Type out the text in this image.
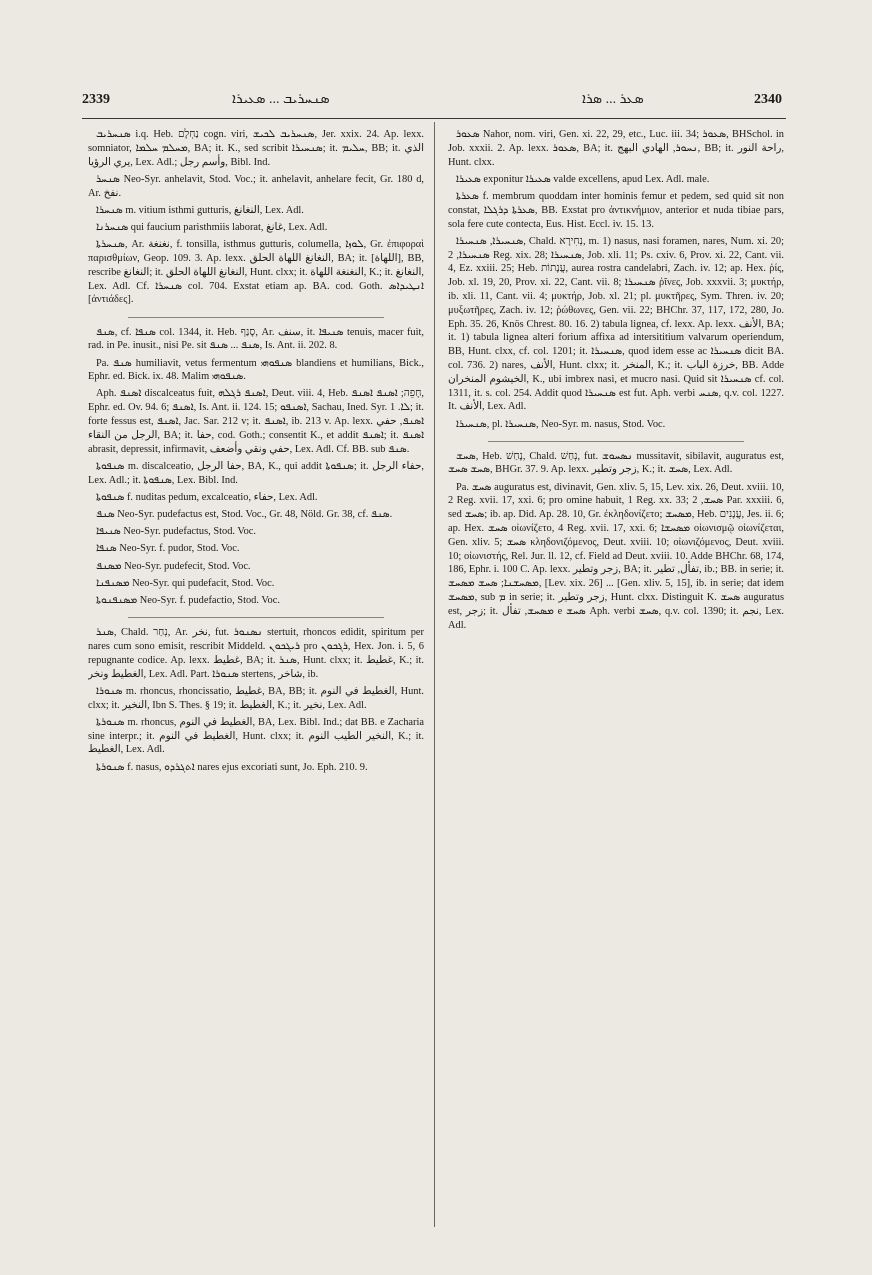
2339	ܣܢܚܪܝܒ ... ܣܥܝܪܐ	ܣܥܪ ... ܣܪܐ	2340

ܣܢܚܪܝܒ i.q. Heb. ‏נַחְלָם‏ cogn. viri, ܣܢܚܪܝܒ ܠܟܝܫ, Jer. xxix. 24. Ap. lexx. somniator, ܡܚܠܡ ܚܠܡܐ, BA; it. K., sed scribit ܣܢܚܝܪܐ; it. ܚܠܝܡ, BB; it. الذي يري الرؤيا, Lex. Adl.; وأسم رجل, Bibl. Ind.

ܣܢܚܪ Neo-Syr. anhelavit, Stod. Voc.; it. anhelavit, anhelare fecit, Gr. 180 d, Ar. نفخ.

ܣܢܚܪܐ m. vitium isthmi gutturis, النغانغ, Lex. Adl.

ܣܢܚܪܢܐ qui faucium paristhmiis laborat, غانغ, Lex. Adl.

ܣܢܚܪܬܐ, Ar. نغنغة, f. tonsilla, isthmus gutturis, columella, ܠܘܙܐ, Gr. ἐπιφοραὶ παρισθμίων, Geop. 109. 3. Ap. lexx. النغانغ اللهاة الحلق, BA; it. [اللهاة], BB, rescribe النغانغ; it. النغانغ اللهاة الحلق, Hunt. clxx; it. النغنغة اللهاة, K.; it. النغانغ, Lex. Adl. Cf. ܣܢܚܪܐ col. 704. Exstat etiam ap. BA. cod. Goth. ܐܢܛܝܕܐܣ [ἀντιάδες].

ܣܢܦ, cf. ܣܢܦܐ col. 1344, it. Heb. ‏סָנַף‏, Ar. سنف, it. ܣܢܝܦܐ tenuis, macer fuit, rad. in Pe. inusit., nisi Pe. sit ܣܢܦ ... ܣܢܦ, Is. Ant. ii. 202. 8.

Pa. ܣܢܦ humiliavit, vetus fermentum ܣܢܦܘܗܝ blandiens et humilians, Bick., Ephr. ed. Bick. ix. 48. Malim ܣܢܦܘܗܝ.

Aph. ܐܣܢܦ discalceatus fuit, ܐܣܢܦ ܪܓܠܗ, Deut. viii. 4, Heb. ‏חָפֵה‏; ܐܣܢܦ ܐܣܢܦ, Ephr. ed. Ov. 94. 6; ܐܣܢܦ, Is. Ant. ii. 124. 15; ܐܣܢܦܘ, Sachau, Ined. Syr. ܠܐ. 1; it. forte fessus est, ܐܣܢܦ, Jac. Sar. 212 v; it. ܐܣܢܦ, ib. 213 v. Ap. lexx. ܐܣܢܦ, حفي الرجل من النقاء, BA; it. حفا, cod. Goth.; consentit K., et addit ܐܣܢܦ; it. ܐܣܢܦ abrasit, depressit, infirmavit, حفي ونقي وأضعف, Lex. Adl. Cf. BB. sub ܣܢܦ.

ܣܢܦܘܬܐ m. discalceatio, حفا الرجل, BA, K., qui addit ܣܢܦܘܬܐ; it. حفاء الرجل, Lex. Adl.; it. ܣܢܦܘܬܐ, Lex. Bibl. Ind.

ܣܢܦܘܬܐ f. nuditas pedum, excalceatio, حفاء, Lex. Adl.

ܣܢܦ Neo-Syr. pudefactus est, Stod. Voc., Gr. 48, Nöld. Gr. 38, cf. ܣܢܦ.

ܣܢܝܦܐ Neo-Syr. pudefactus, Stod. Voc.

ܣܢܦܐ Neo-Syr. f. pudor, Stod. Voc.

ܡܣܢܦ Neo-Syr. pudefecit, Stod. Voc.

ܡܣܢܦܢܐ Neo-Syr. qui pudefacit, Stod. Voc.

ܡܣܢܦܢܘܬܐ Neo-Syr. f. pudefactio, Stod. Voc.

ܣܢܪ, Chald. ‏נְחַר‏, Ar. نخر, fut. ܢܣܢܘܪ stertuit, rhoncos edidit, spiritum per nares cum sono emisit, rescribit Middeld. ܪܝܓܟܘܢ pro ܪܓܟܘܢ, Hex. Jon. i. 5, 6 repugnante codice. Ap. lexx. غطيط, BA; it. ܣܢܪ, Hunt. clxx; it. غطيط, K.; it. الغطيط ونخر, Lex. Adl. Part. ܣܢܘܪܐ stertens, شاخر, ib.

ܣܢܘܪܐ m. rhoncus, rhoncissatio, غطيط, BA, BB; it. الغطيط في النوم, Hunt. clxx; it. النخير, Ibn S. Thes. § 19; it. الغطيط, K.; it. نخير, Lex. Adl.

ܣܢܘܪܬܐ m. rhoncus, الغطيط في النوم, BA, Lex. Bibl. Ind.; dat BB. e Zacharia sine interpr.; it. الغطيط في النوم, Hunt. clxx; it. النخير الطيب النوم, K.; it. الغطيط, Lex. Adl.

ܣܢܘܪܬܐ f. nasus, ܐܬܓܪܕܘ nares ejus excoriati sunt, Jo. Eph. 210. 9.

ܣܥܘܪ Nahor, nom. viri, Gen. xi. 22, 29, etc., Luc. iii. 34; ܣܥܘܪ, BHSchol. in Job. xxxii. 2. Ap. lexx. ܣܥܘܪ, BA; it. ܢܚܘܪ, الهادي البهج, BB; it. راحة النور, Hunt. clxx.

ܣܥܝܪܐ exponitur ܣܥܝܪܐ valde excellens, apud Lex. Adl. male.

ܣܥܪܬܐ f. membrum quoddam inter hominis femur et pedem, sed quid sit non constat, ܣܥܪܬܐ ܕܪܓܠܐ, BB. Exstat pro ἀντικνήμιον, anterior et nuda tibiae pars, sola fere cute contecta, Eus. Hist. Eccl. iv. 15. 13.

ܣܢܚܝܪܐ, ܣܢܚܝܪܐ, Chald. ‏נְחִירָא‏, m. 1) nasus, nasi foramen, nares, Num. xi. 20; ܣܢܚܝܪܐ, 2 Reg. xix. 28; ܣܢܚܝܪܐ, Job. xli. 11; Ps. cxiv. 6, Prov. xi. 22, Cant. vii. 4, Ez. xxiii. 25; Heb. ‏עֲנָתוֹת‏, aurea rostra candelabri, Zach. iv. 12; ap. Hex. ῥίς, Job. xl. 19, 20, Prov. xi. 22, Cant. vii. 8; ܣܢܚܝܪܐ ῥῖνες, Job. xxxvii. 3; μυκτήρ, ib. xli. 11, Cant. vii. 4; μυκτήρ, Job. xl. 21; pl. μυκτῆρες, Sym. Thren. iv. 20; μυξωτῆρες, Zach. iv. 12; ῥώθωνες, Gen. vii. 22; BHChr. 37, 117, 172, 280, Jo. Eph. 35. 26, Knös Chrest. 80. 16. 2) tabula lignea, cf. lexx. Ap. lexx. الأنف, BA; it. 1) tabula lignea alteri forium affixa ad intersititium valvarum operiendum, BB, Hunt. clxx, cf. col. 1201; it. ܣܢܚܝܪܐ, quod idem esse ac ܣܢܚܝܪܐ dicit BA. col. 736. 2) nares, الأنف, Hunt. clxx; it. المنخر, K.; it. خرزة الباب, BB. Adde الخيشوم المنخران, K., ubi imbrex nasi, et mucro nasi. Quid sit ܣܢܚܝܪܐ cf. col. 1311, it. s. col. 254. Addit quod ܣܢܚܝܪܐ est fut. Aph. verbi ܣܢܚ, q.v. col. 1227. It. الأنف, Lex. Adl.

ܣܢܚܝܪܐ, pl. ܣܢܚܝܪܐ, Neo-Syr. m. nasus, Stod. Voc.

ܣܚܫ, Heb. ‏נָחַשׁ‏, Chald. ‏נְחַשׁ‏, fut. ܢܣܚܘܫ mussitavit, sibilavit, auguratus est, ܣܚܫ ܣܚܫ, BHGr. 37. 9. Ap. lexx. زجر وتطير, K.; it. ܣܚܫ, Lex. Adl.

Pa. ܣܚܫ auguratus est, divinavit, Gen. xliv. 5, 15, Lev. xix. 26, Deut. xviii. 10, 2 Reg. xvii. 17, xxi. 6; pro omine habuit, 1 Reg. xx. 33; ܣܚܫ, 2 Par. xxxiii. 6, sed ܣܚܫ; ib. ap. Did. Ap. 28. 10, Gr. ἐκληδονίζετο; ܡܣܚܫ, Heb. ‏עֲנָנִים‏, Jes. ii. 6; ap. Hex. ܣܚܫ οἰωνίζετο, 4 Reg. xvii. 17, xxi. 6; ܡܣܚܫܐ οἰωνισμῷ οἰωνίζεται, Gen. xliv. 5; ܣܚܫ κληδονιζόμενος, Deut. xviii. 10; οἰωνιζόμενος, Deut. xviii. 10; οἰωνιστής, Rel. Jur. ll. 12, cf. Field ad Deut. xviii. 10. Adde BHChr. 68, 174, 186, Ephr. i. 100 C. Ap. lexx. زجر وتطير, BA; it. تفأل, تطير, ib.; BB. in serie; it. ܡܣܚܫܢܐ; ܣܚܫ ܡܣܚܫ, [Lev. xix. 26] ... [Gen. xliv. 5, 15], ib. in serie; dat idem ܡܣܚܫ, sub ܡ in serie; it. زجر وتطير, Hunt. clxx. Distinguit K. ܣܚܫ auguratus est, زجر; it. ܡܣܚܫ, تفأل e ܣܚܫ Aph. verbi ܣܚܫ, q.v. col. 1390; it. نجم, Lex. Adl.
